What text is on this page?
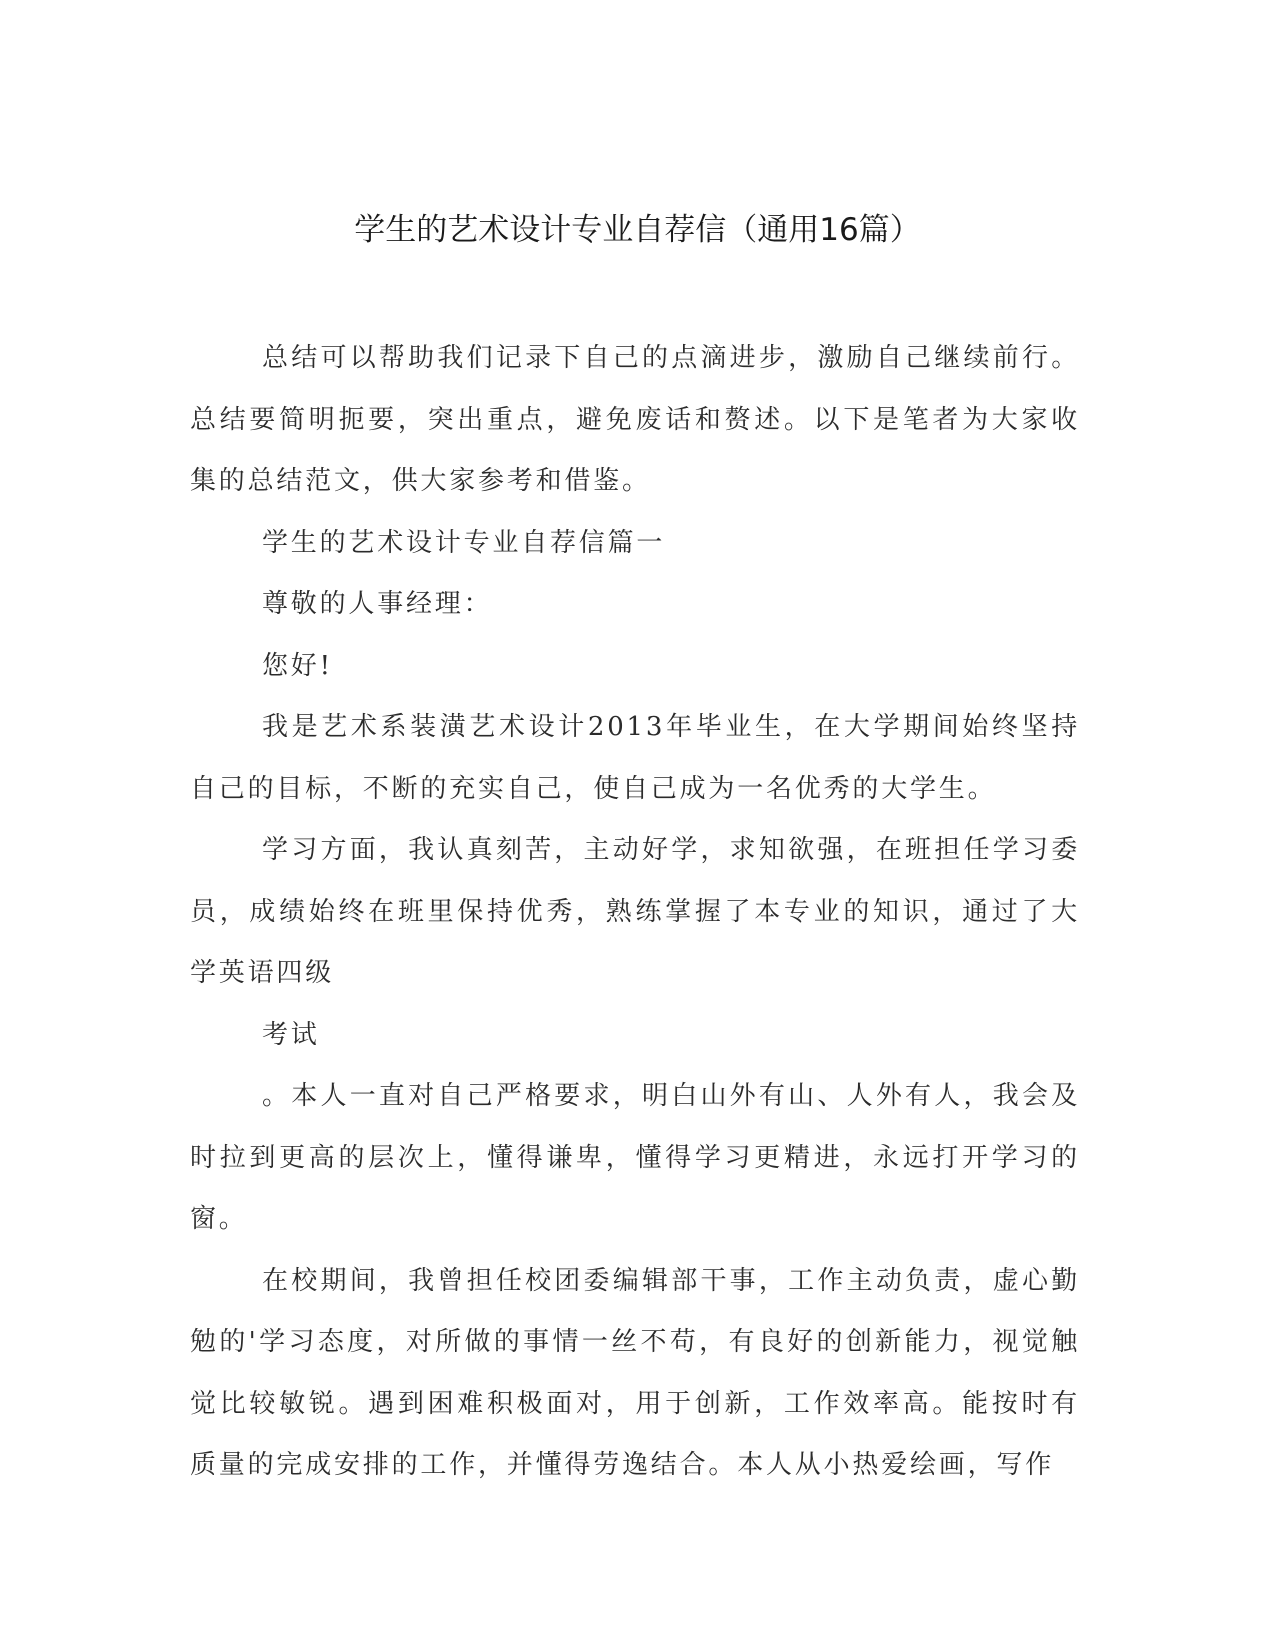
学生的艺术设计专业自荐信（通用16篇）

总结可以帮助我们记录下自己的点滴进步，激励自己继续前行。总结要简明扼要，突出重点，避免废话和赘述。以下是笔者为大家收集的总结范文，供大家参考和借鉴。

学生的艺术设计专业自荐信篇一

尊敬的人事经理：

您好!

我是艺术系装潢艺术设计2013年毕业生，在大学期间始终坚持自己的目标，不断的充实自己，使自己成为一名优秀的大学生。

学习方面，我认真刻苦，主动好学，求知欲强，在班担任学习委员，成绩始终在班里保持优秀，熟练掌握了本专业的知识，通过了大学英语四级

考试

。本人一直对自己严格要求，明白山外有山、人外有人，我会及时拉到更高的层次上，懂得谦卑，懂得学习更精进，永远打开学习的窗。

在校期间，我曾担任校团委编辑部干事，工作主动负责，虚心勤勉的'学习态度，对所做的事情一丝不苟，有良好的创新能力，视觉触觉比较敏锐。遇到困难积极面对，用于创新，工作效率高。能按时有质量的完成安排的工作，并懂得劳逸结合。本人从小热爱绘画，写作
